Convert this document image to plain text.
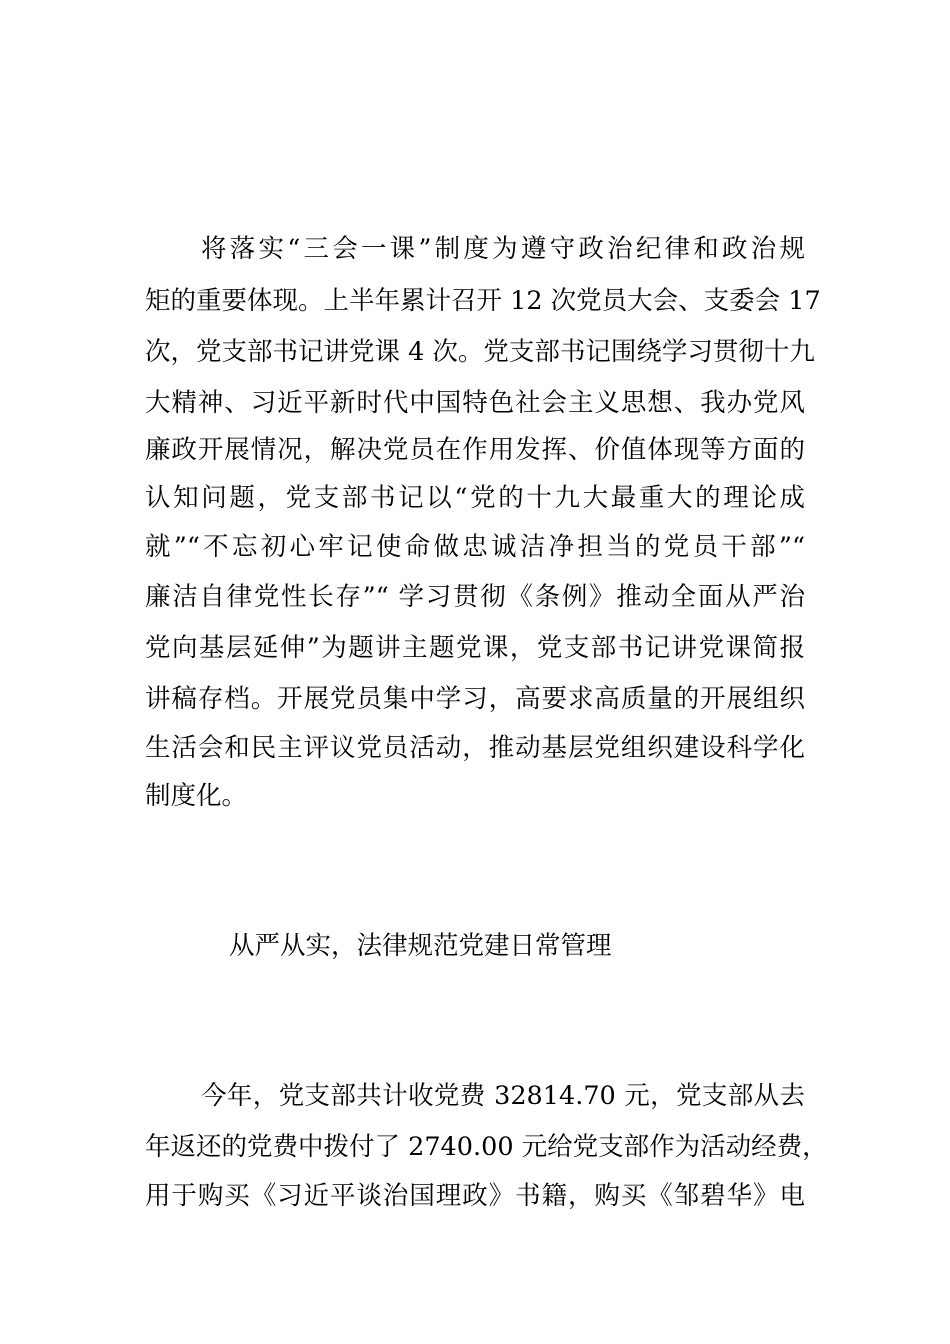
将落实“三会一课”制度为遵守政治纪律和政治规
矩的重要体现。上半年累计召开 12 次党员大会、支委会 17
次，党支部书记讲党课 4 次。党支部书记围绕学习贯彻十九
大精神、习近平新时代中国特色社会主义思想、我办党风
廉政开展情况，解决党员在作用发挥、价值体现等方面的
认知问题，党支部书记以“党的十九大最重大的理论成
就”“不忘初心牢记使命做忠诚洁净担当的党员干部”“
廉洁自律党性长存”“ 学习贯彻《条例》推动全面从严治
党向基层延伸”为题讲主题党课，党支部书记讲党课简报
讲稿存档。开展党员集中学习，高要求高质量的开展组织
生活会和民主评议党员活动，推动基层党组织建设科学化
制度化。
从严从实，法律规范党建日常管理
今年，党支部共计收党费 32814.70 元，党支部从去
年返还的党费中拨付了 2740.00 元给党支部作为活动经费，
用于购买《习近平谈治国理政》书籍，购买《邹碧华》电
